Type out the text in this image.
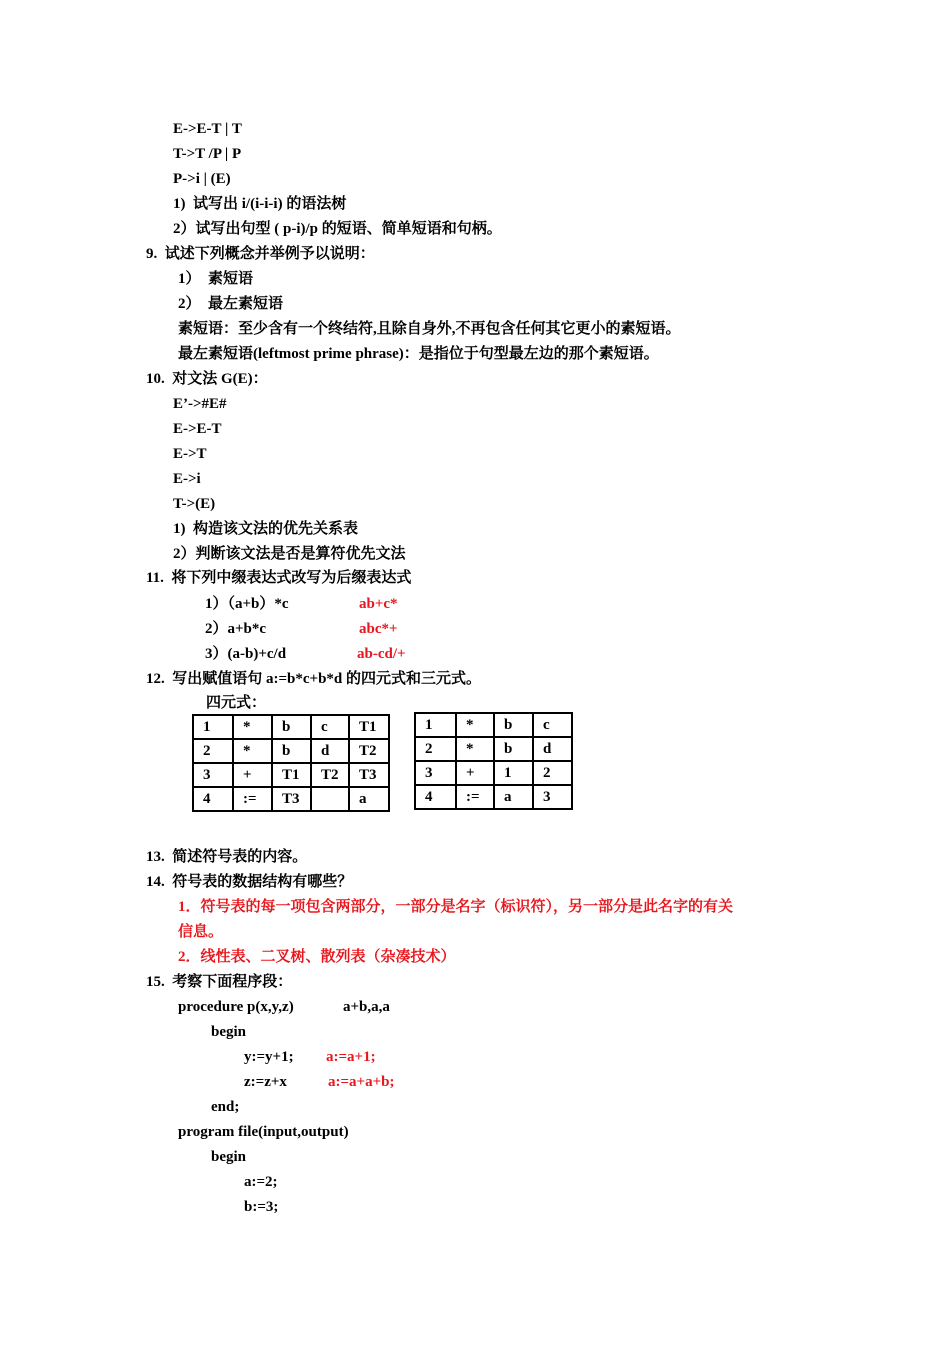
E->E-T | T
T->T /P | P
P->i | (E)
1)  试写出 i/(i-i-i) 的语法树
2）试写出句型 ( p-i)/p 的短语、简单短语和句柄。
9.  试述下列概念并举例予以说明：
1）  素短语
2）  最左素短语
素短语：至少含有一个终结符,且除自身外,不再包含任何其它更小的素短语。
最左素短语(leftmost prime phrase)：是指位于句型最左边的那个素短语。
10.  对文法 G(E)：
E’->#E#
E->E-T
E->T
E->i
T->(E)
1)  构造该文法的优先关系表
2）判断该文法是否是算符优先文法
11.  将下列中缀表达式改写为后缀表达式
1）（a+b）*c	ab+c*
2）a+b*c	abc*+
3）(a-b)+c/d	ab-cd/+
12.  写出赋值语句 a:=b*c+b*d 的四元式和三元式。
四元式：
1	*	b	c	T1
2	*	b	d	T2
3	+	T1	T2	T3
4	:=	T3		a
1	*	b	c
2	*	b	d
3	+	1	2
4	:=	a	3
13.  简述符号表的内容。
14.  符号表的数据结构有哪些？
1．符号表的每一项包含两部分，一部分是名字（标识符），另一部分是此名字的有关
信息。
2．线性表、二叉树、散列表（杂凑技术）
15.  考察下面程序段：
procedure p(x,y,z)	a+b,a,a
begin
y:=y+1; a:=a+1;
z:=z+x	a:=a+a+b;
end;
program file(input,output)
begin
a:=2;
b:=3;
